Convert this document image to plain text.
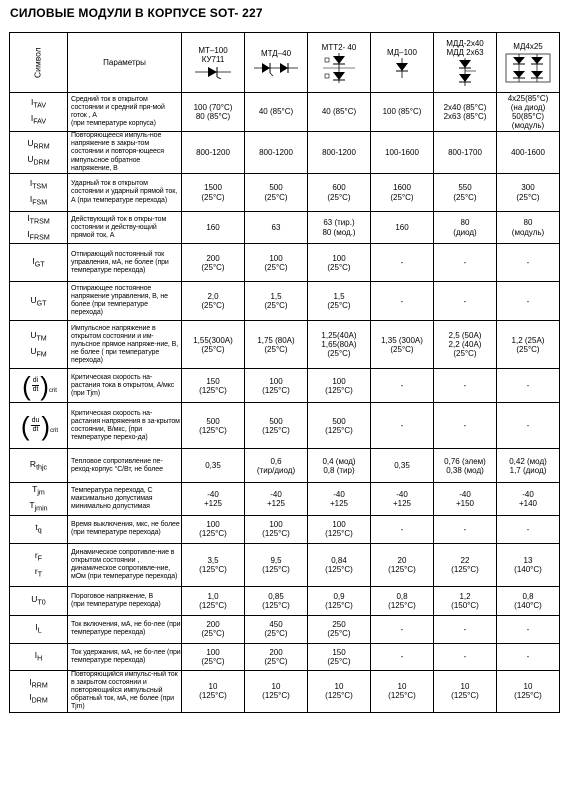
СИЛОВЫЕ МОДУЛИ В КОРПУСЕ SOT- 227
Символ	Параметры	МТ–100
КУ711	МТД–40	МТТ2- 40	МД–100	МДД-2х40
МДД 2х63	МД4х25

$I_{TAV}$
$I_{FAV}$	Средний ток в открытом состоянии и средний пря-мой готок , А
(при температуре корпуса)	100 (70°С)
80 (85°С)	40 (85°С)	40 (85°С)	100 (85°С)	2х40 (85°С)
2х63 (85°С)	4х25(85°С)
(на диод)
50(85°С)
(модуль)

$U_{RRM}$
$U_{DRM}$	Повторяющееся импуль-ное напряжение в закры-том состоянии и повторя-ющееся импульсное обратное напряжение, В	800-1200	800-1200	800-1200	100-1600	800-1700	400-1600

$I_{TSM}$
$I_{FSM}$	Ударный ток в открытом состоянии и ударный прямой ток, А (при температуре перехода)	1500
(25°С)	500
(25°С)	600
(25°С)	1600
(25°С)	550
(25°С)	300
(25°С)

$I_{TRSM}$
$I_{FRSM}$	Действующий ток в откры-том состоянии и действу-ющий прямой ток, А	160	63	63 (тир.)
80 (мод.)	160	80
(диод)	80
(модуль)

$I_{GT}$	Отпирающий постоянный ток управления, мА, не более (при температуре перехода)	200
(25°С)	100
(25°С)	100
(25°С)	-	-	-

$U_{GT}$	Отпирающее постоянное напряжение управления, В, не более (при температуре перехода)	2,0
(25°С)	1,5
(25°С)	1,5
(25°С)	-	-	-

$U_{TM}$
$U_{FM}$	Импульсное напряжение в открытом состоянии и им-пульсное прямое напряже-ние, В, не более ( при температуре перехода)	1,55(300А)
(25°С)	1,75 (80А)
(25°С)	1,25(40А)
1,65(80А)
(25°С)	1,35 (300А)
(25°С)	2,5 (50А)
2,2 (40А)
(25°С)	1,2 (25А)
(25°С)

( $\frac{di}{dt}$ ) crit	Критическая скорость на-растания тока в открытом, А/мкс (при Tjm)	150
(125°С)	100
(125°С)	100
(125°С)	-	-	-

( $\frac{du}{dt}$ ) crit	Критическая скорость на-растания напряжения в за-крытом состоянии, В/мкс, (при температуре перехо-да)	500
(125°С)	500
(125°С)	500
(125°С)	-	-	-

$R_{thjc}$	Тепловое сопротивление пе-реход-корпус °С/Вт, не более	0,35	0,6
(тир/диод)	0,4 (мод)
0,8 (тир)	0,35	0,76 (элем)
0,38 (мод)	0,42 (мод)
1,7 (диод)

$T_{jm}$
$T_{jmin}$	Температура перехода, С максимально допустимая минимально допустимая	-40
+125	-40
+125	-40
+125	-40
+125	-40
+150	-40
+140

$t_q$	Время выключения, мкс, не более (при температуре перехода)	100
(125°С)	100
(125°С)	100
(125°С)	-	-	-

$r_F$
$r_T$	Динамическое сопротивле-ние в открытом состоянии , динамическое сопротивле-ние, мОм (при температуре перехода)	3,5
(125°С)	9,5
(125°С)	0,84
(125°С)	20
(125°С)	22
(125°С)	13
(140°С)

$U_{T0}$	Пороговое напряжение, В
(при температуре перехода)	1,0
(125°С)	0,85
(125°С)	0,9
(125°С)	0,8
(125°С)	1,2
(150°С)	0,8
(140°С)

$I_L$	Ток включения, мА, не бо-лее (при температуре перехода)	200
(25°С)	450
(25°С)	250
(25°С)	-	-	-

$I_H$	Ток удержания, мА, не бо-лее (при температуре перехода)	100
(25°С)	200
(25°С)	150
(25°С)	-	-	-

$I_{RRM}$
$I_{DRM}$	Повторяющийся импульс-ный ток в закрытом состоянии и повторяющийся импульсный обратный ток, мА, не более (при Tjm)	10
(125°С)	10
(125°С)	10
(125°С)	10
(125°С)	10
(125°С)	10
(125°С)
